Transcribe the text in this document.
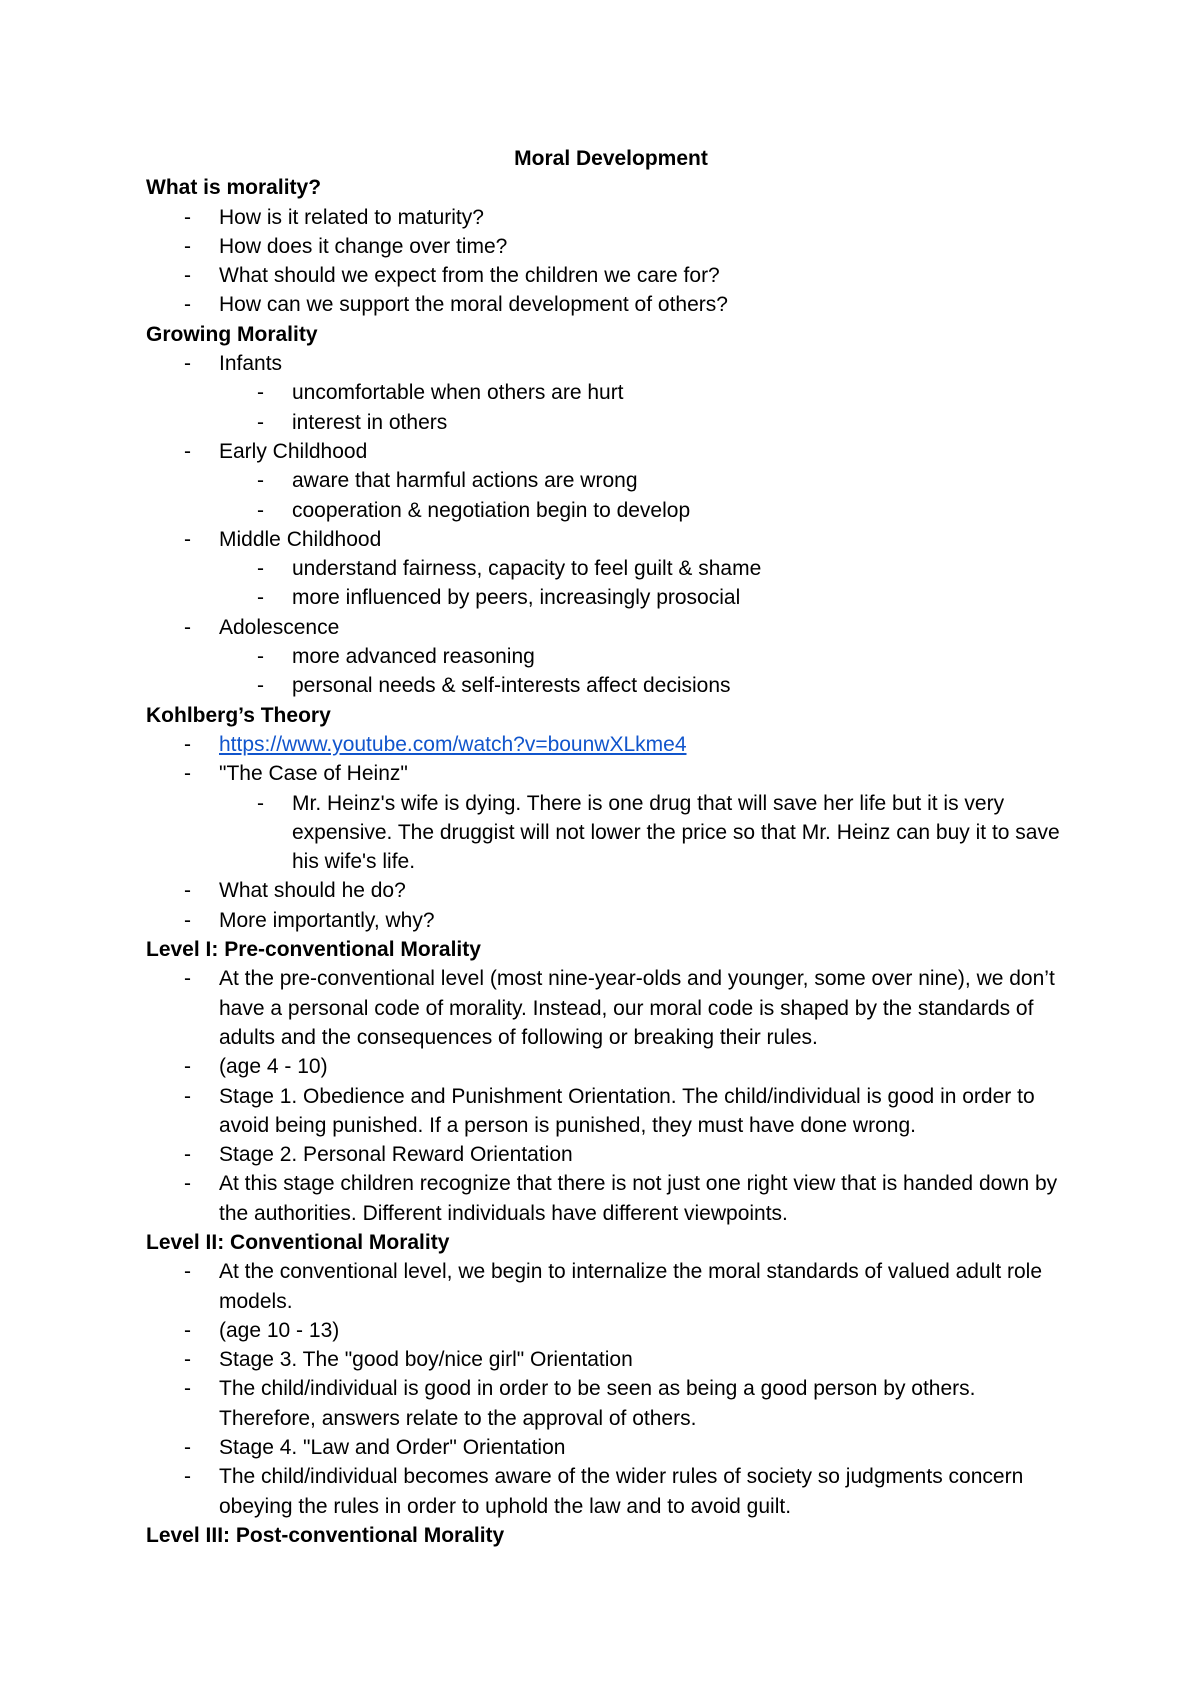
Moral Development
What is morality?
- How is it related to maturity?
- How does it change over time?
- What should we expect from the children we care for?
- How can we support the moral development of others?
Growing Morality
- Infants
- uncomfortable when others are hurt
- interest in others
- Early Childhood
- aware that harmful actions are wrong
- cooperation & negotiation begin to develop
- Middle Childhood
- understand fairness, capacity to feel guilt & shame
- more influenced by peers, increasingly prosocial
- Adolescence
- more advanced reasoning
- personal needs & self-interests affect decisions
Kohlberg’s Theory
- https://www.youtube.com/watch?v=bounwXLkme4
- "The Case of Heinz"
- Mr. Heinz's wife is dying. There is one drug that will save her life but it is very expensive. The druggist will not lower the price so that Mr. Heinz can buy it to save his wife's life.
- What should he do?
- More importantly, why?
Level I: Pre-conventional Morality
- At the pre-conventional level (most nine-year-olds and younger, some over nine), we don’t have a personal code of morality. Instead, our moral code is shaped by the standards of adults and the consequences of following or breaking their rules.
- (age 4 - 10)
- Stage 1. Obedience and Punishment Orientation. The child/individual is good in order to avoid being punished. If a person is punished, they must have done wrong.
- Stage 2. Personal Reward Orientation
- At this stage children recognize that there is not just one right view that is handed down by the authorities. Different individuals have different viewpoints.
Level II: Conventional Morality
- At the conventional level, we begin to internalize the moral standards of valued adult role models.
- (age 10 - 13)
- Stage 3. The "good boy/nice girl" Orientation
- The child/individual is good in order to be seen as being a good person by others. Therefore, answers relate to the approval of others.
- Stage 4. "Law and Order" Orientation
- The child/individual becomes aware of the wider rules of society so judgments concern obeying the rules in order to uphold the law and to avoid guilt.
Level III: Post-conventional Morality
